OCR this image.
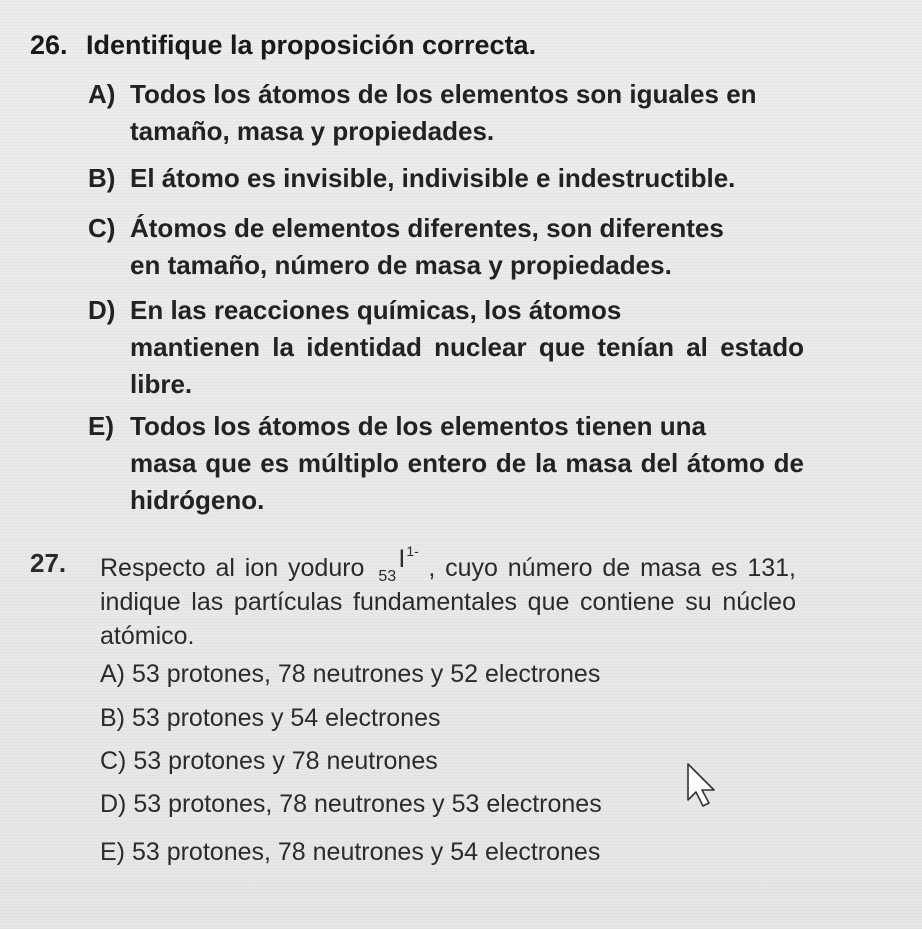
26. Identifique la proposición correcta.
A) Todos los átomos de los elementos son iguales en
tamaño, masa y propiedades.
B) El átomo es invisible, indivisible e indestructible.
C) Átomos de elementos diferentes, son diferentes
en tamaño, número de masa y propiedades.
D) En las reacciones químicas, los átomos
mantienen la identidad nuclear que tenían al estado libre.
E) Todos los átomos de los elementos tienen una
masa que es múltiplo entero de la masa del átomo de hidrógeno.
27. Respecto al ion yoduro 53
I 1-
, cuyo número de masa es 131, indique las partículas fundamentales que contiene su núcleo atómico.
A) 53 protones, 78 neutrones y 52 electrones
B) 53 protones y 54 electrones
C) 53 protones y 78 neutrones
D) 53 protones, 78 neutrones y 53 electrones
E) 53 protones, 78 neutrones y 54 electrones
